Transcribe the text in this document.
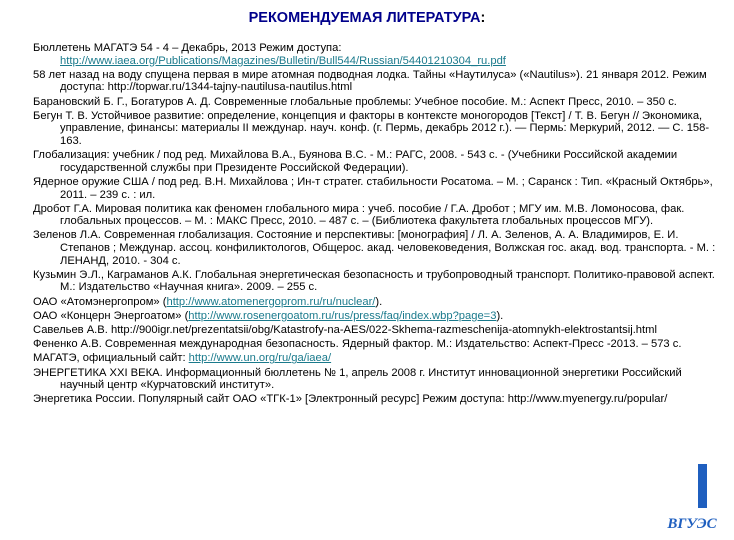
РЕКОМЕНДУЕМАЯ ЛИТЕРАТУРА:
Бюллетень МАГАТЭ 54 - 4 – Декабрь, 2013 Режим доступа: http://www.iaea.org/Publications/Magazines/Bulletin/Bull544/Russian/54401210304_ru.pdf
58 лет назад на воду спущена первая в мире атомная подводная лодка. Тайны «Наутилуса» («Nautilus»). 21 января 2012. Режим доступа: http://topwar.ru/1344-tajny-nautilusa-nautilus.html
Барановский Б. Г., Богатуров А. Д. Современные глобальные проблемы: Учебное пособие. М.: Аспект Пресс, 2010. – 350 с.
Бегун Т. В. Устойчивое развитие: определение, концепция и факторы в контексте моногородов [Текст] / Т. В. Бегун // Экономика, управление, финансы: материалы II междунар. науч. конф. (г. Пермь, декабрь 2012 г.). — Пермь: Меркурий, 2012. — С. 158-163.
Глобализация: учебник / под ред. Михайлова В.А., Буянова В.С. - М.: РАГС, 2008. - 543 с. - (Учебники Российской академии государственной службы при Президенте Российской Федерации).
Ядерное оружие США / под ред. В.Н. Михайлова ; Ин-т стратег. стабильности Росатома. – М. ; Саранск : Тип. «Красный Октябрь», 2011. – 239 с. : ил.
Дробот Г.А. Мировая политика как феномен глобального мира : учеб. пособие / Г.А. Дробот ; МГУ им. М.В. Ломоносова, фак. глобальных процессов. – М. : МАКС Пресс, 2010. – 487 с. – (Библиотека факультета глобальных процессов МГУ).
Зеленов Л.А. Современная глобализация. Состояние и перспективы: [монография] / Л. А. Зеленов, А. А. Владимиров, Е. И. Степанов ; Междунар. ассоц. конфиликтологов, Общерос. акад. человековедения, Волжская гос. акад. вод. транспорта. - М. : ЛЕНАНД, 2010. - 304 с.
Кузьмин Э.Л., Каграманов А.К. Глобальная энергетическая безопасность и трубопроводный транспорт. Политико-правовой аспект. М.: Издательство «Научная книга». 2009. – 255 с.
ОАО «Атомэнергопром» (http://www.atomenergoprom.ru/ru/nuclear/).
ОАО «Концерн Энергоатом» (http://www.rosenergoatom.ru/rus/press/faq/index.wbp?page=3).
Савельев А.В. http://900igr.net/prezentatsii/obg/Katastrofy-na-AES/022-Skhema-razmeschenija-atomnykh-elektrostantsij.html
Фененко А.В. Современная международная безопасность. Ядерный фактор. М.: Издательство: Аспект-Пресс -2013. – 573 с.
МАГАТЭ, официальный сайт: http://www.un.org/ru/ga/iaea/
ЭНЕРГЕТИКА XXI ВЕКА. Информационный бюллетень № 1, апрель 2008 г. Институт инновационной энергетики Российский научный центр «Курчатовский институт».
Энергетика России. Популярный сайт ОАО «ТГК-1» [Электронный ресурс] Режим доступа: http://www.myenergy.ru/popular/
ВГУЭС
